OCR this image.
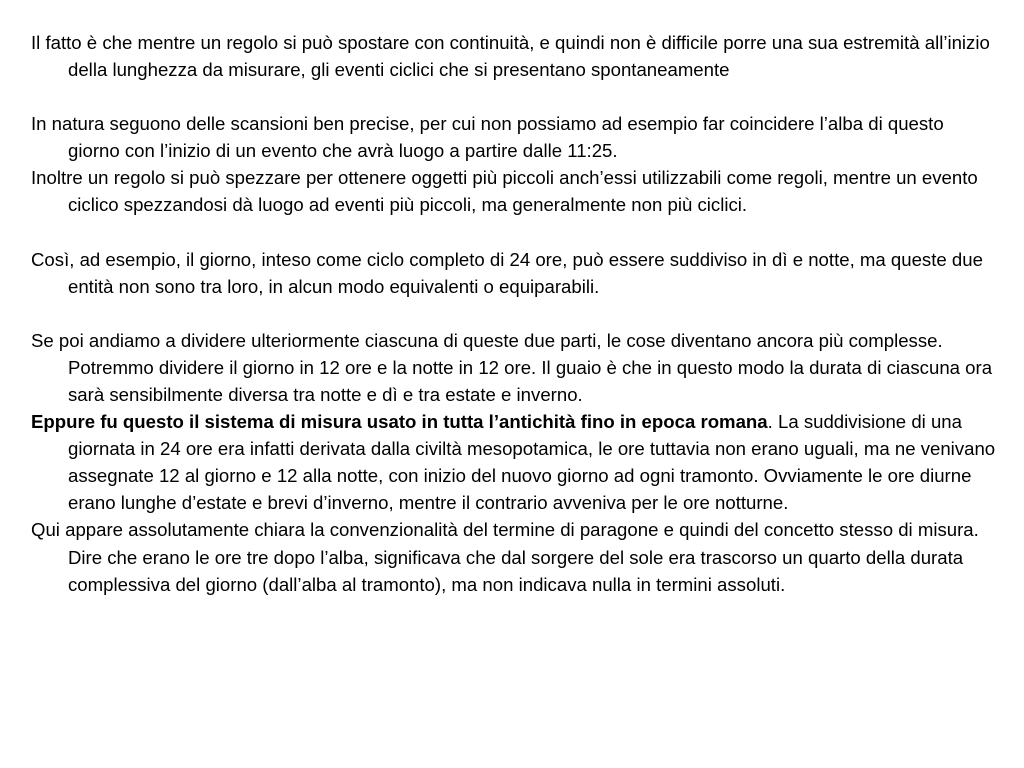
Il fatto è che mentre un regolo si può spostare con continuità, e quindi non è difficile porre una sua estremità all’inizio della lunghezza da misurare, gli eventi ciclici che si presentano spontaneamente

In natura seguono delle scansioni ben precise, per cui non possiamo ad esempio far coincidere l’alba di questo giorno con l’inizio di un evento che avrà luogo a partire dalle 11:25.

Inoltre un regolo si può spezzare per ottenere oggetti più piccoli anch’essi utilizzabili come regoli, mentre un evento ciclico spezzandosi dà luogo ad eventi più piccoli, ma generalmente non più ciclici.

Così, ad esempio, il giorno, inteso come ciclo completo di 24 ore, può essere suddiviso in dì e notte, ma queste due entità non sono tra loro, in alcun modo equivalenti o equiparabili.

Se poi andiamo a dividere ulteriormente ciascuna di queste due parti, le cose diventano ancora più complesse. Potremmo dividere il giorno in 12 ore e la notte in 12 ore. Il guaio è che in questo modo la durata di ciascuna ora sarà sensibilmente diversa tra notte e dì e tra estate e inverno.

Eppure fu questo il sistema di misura usato in tutta l’antichità fino in epoca romana. La suddivisione di una giornata in 24 ore era infatti derivata dalla civiltà mesopotamica, le ore tuttavia non erano uguali, ma ne venivano assegnate 12 al giorno e 12 alla notte, con inizio del nuovo giorno ad ogni tramonto. Ovviamente le ore diurne erano lunghe d’estate e brevi d’inverno, mentre il contrario avveniva per le ore notturne.

Qui appare assolutamente chiara la convenzionalità del termine di paragone e quindi del concetto stesso di misura. Dire che erano le ore tre dopo l’alba, significava che dal sorgere del sole era trascorso un quarto della durata complessiva del giorno (dall’alba al tramonto), ma non indicava nulla in termini assoluti.
